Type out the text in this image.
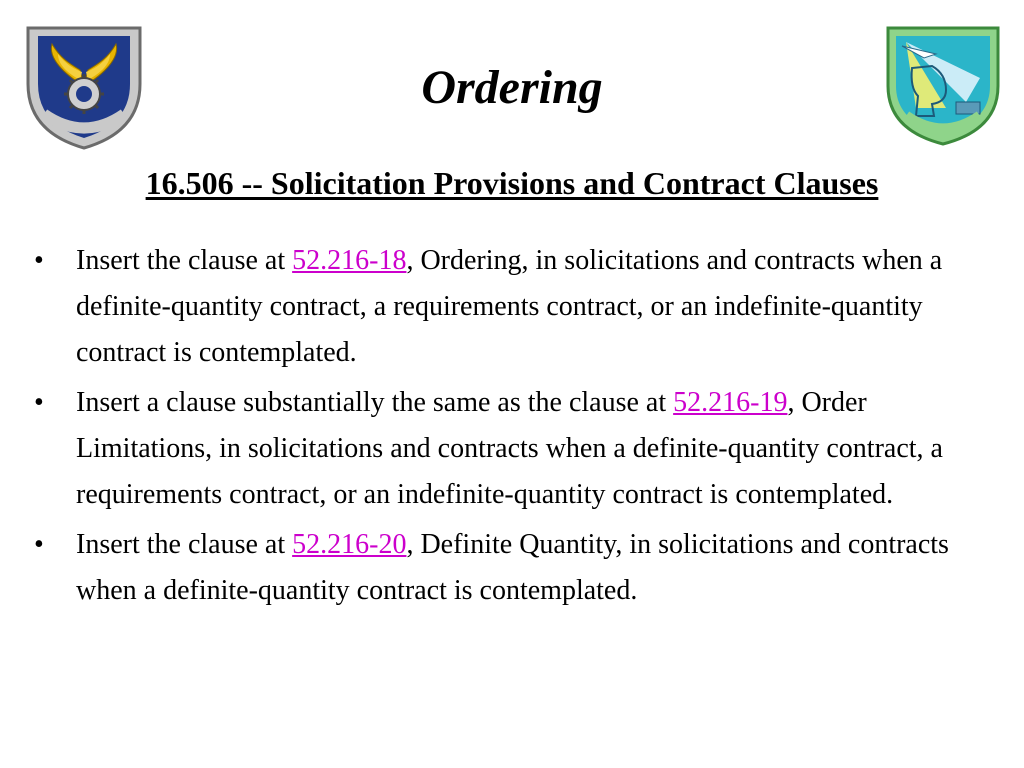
Ordering
16.506 -- Solicitation Provisions and Contract Clauses
• Insert the clause at 52.216-18, Ordering, in solicitations and contracts when a definite-quantity contract, a requirements contract, or an indefinite-quantity contract is contemplated.
• Insert a clause substantially the same as the clause at 52.216-19, Order Limitations, in solicitations and contracts when a definite-quantity contract, a requirements contract, or an indefinite-quantity contract is contemplated.
• Insert the clause at 52.216-20, Definite Quantity, in solicitations and contracts when a definite-quantity contract is contemplated.
